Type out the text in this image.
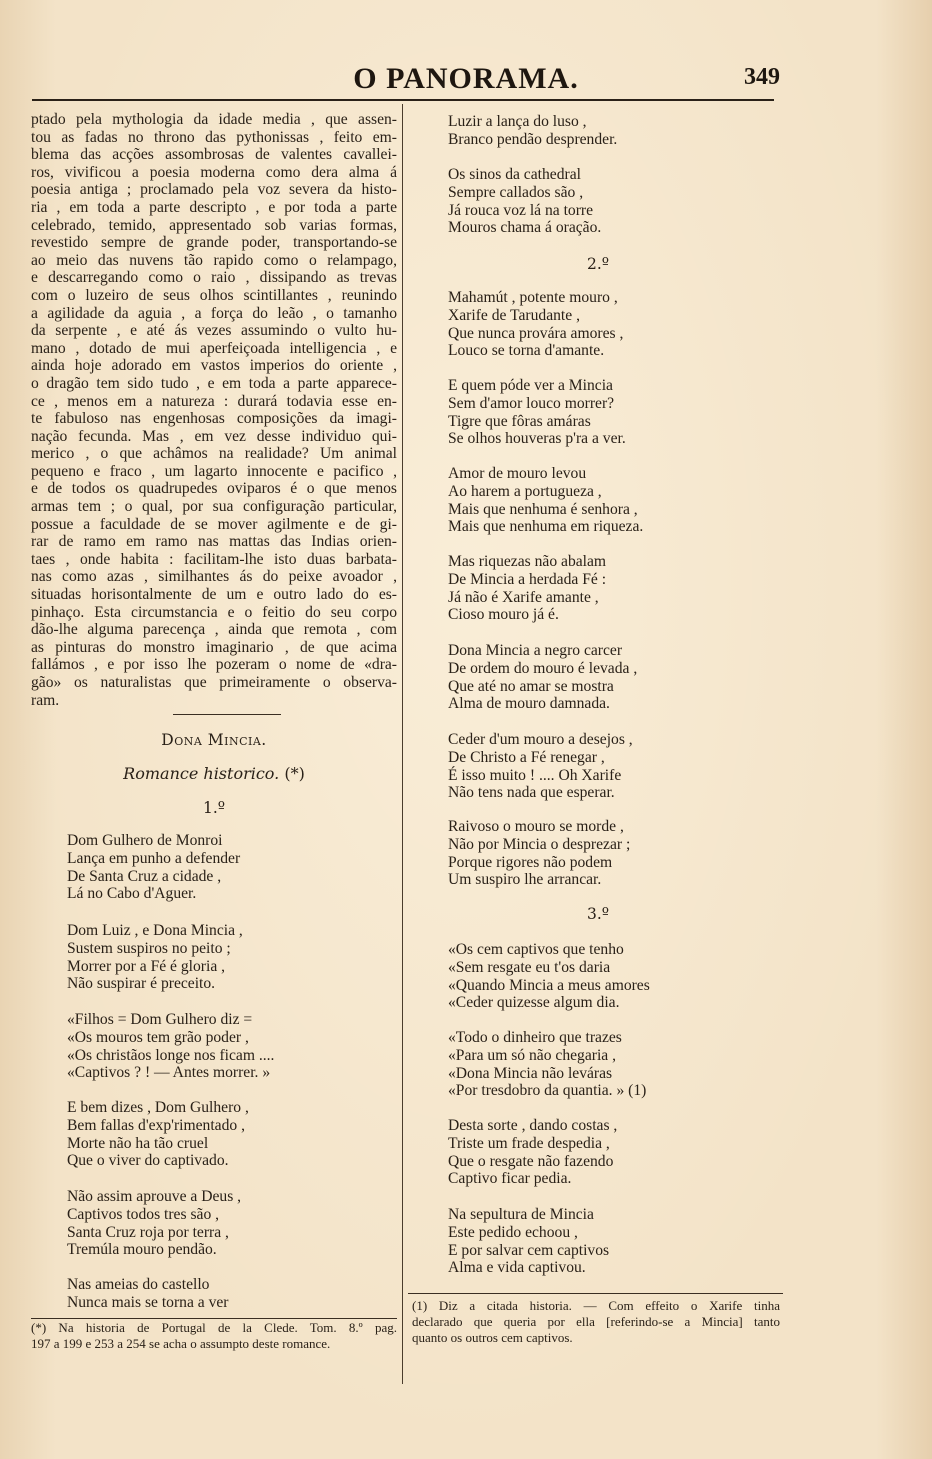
O PANORAMA.	349
ptado pela mythologia da idade media , que assen-
tou as fadas no throno das pythonissas , feito em-
blema das acções assombrosas de valentes cavallei-
ros, vivificou a poesia moderna como dera alma á
poesia antiga ; proclamado pela voz severa da histo-
ria , em toda a parte descripto , e por toda a parte
celebrado, temido, appresentado sob varias formas,
revestido sempre de grande poder, transportando-se
ao meio das nuvens tão rapido como o relampago,
e descarregando como o raio , dissipando as trevas
com o luzeiro de seus olhos scintillantes , reunindo
a agilidade da aguia , a força do leão , o tamanho
da serpente , e até ás vezes assumindo o vulto hu-
mano , dotado de mui aperfeiçoada intelligencia , e
ainda hoje adorado em vastos imperios do oriente ,
o dragão tem sido tudo , e em toda a parte apparece-
ce , menos em a natureza : durará todavia esse en-
te fabuloso nas engenhosas composições da imagi-
nação fecunda. Mas , em vez desse individuo qui-
merico , o que achâmos na realidade? Um animal
pequeno e fraco , um lagarto innocente e pacifico ,
e de todos os quadrupedes oviparos é o que menos
armas tem ; o qual, por sua configuração particular,
possue a faculdade de se mover agilmente e de gi-
rar de ramo em ramo nas mattas das Indias orien-
taes , onde habita : facilitam-lhe isto duas barbata-
nas como azas , similhantes ás do peixe avoador ,
situadas horisontalmente de um e outro lado do es-
pinhaço. Esta circumstancia e o feitio do seu corpo
dão-lhe alguma parecença , ainda que remota , com
as pinturas do monstro imaginario , de que acima
fallámos , e por isso lhe pozeram o nome de «dra-
gão» os naturalistas que primeiramente o observa-
ram.
Dona Mincia.
Romance historico. (*)
1.º
Dom Gulhero de Monroi
Lança em punho a defender
De Santa Cruz a cidade ,
Lá no Cabo d'Aguer.
Dom Luiz , e Dona Mincia ,
Sustem suspiros no peito ;
Morrer por a Fé é gloria ,
Não suspirar é preceito.
«Filhos = Dom Gulhero diz =
«Os mouros tem grão poder ,
«Os christãos longe nos ficam ....
«Captivos ? ! — Antes morrer. »
E bem dizes , Dom Gulhero ,
Bem fallas d'exp'rimentado ,
Morte não ha tão cruel
Que o viver do captivado.
Não assim aprouve a Deus ,
Captivos todos tres são ,
Santa Cruz roja por terra ,
Tremúla mouro pendão.
Nas ameias do castello
Nunca mais se torna a ver
(*) Na historia de Portugal de la Clede. Tom. 8.º pag.
197 a 199 e 253 a 254 se acha o assumpto deste romance.
Luzir a lança do luso ,
Branco pendão desprender.
Os sinos da cathedral
Sempre callados são ,
Já rouca voz lá na torre
Mouros chama á oração.
2.º
Mahamút , potente mouro ,
Xarife de Tarudante ,
Que nunca provára amores ,
Louco se torna d'amante.
E quem póde ver a Mincia
Sem d'amor louco morrer?
Tigre que fôras amáras
Se olhos houveras p'ra a ver.
Amor de mouro levou
Ao harem a portugueza ,
Mais que nenhuma é senhora ,
Mais que nenhuma em riqueza.
Mas riquezas não abalam
De Mincia a herdada Fé :
Já não é Xarife amante ,
Cioso mouro já é.
Dona Mincia a negro carcer
De ordem do mouro é levada ,
Que até no amar se mostra
Alma de mouro damnada.
Ceder d'um mouro a desejos ,
De Christo a Fé renegar ,
É isso muito ! .... Oh Xarife
Não tens nada que esperar.
Raivoso o mouro se morde ,
Não por Mincia o desprezar ;
Porque rigores não podem
Um suspiro lhe arrancar.
3.º
«Os cem captivos que tenho
«Sem resgate eu t'os daria
«Quando Mincia a meus amores
«Ceder quizesse algum dia.
«Todo o dinheiro que trazes
«Para um só não chegaria ,
«Dona Mincia não leváras
«Por tresdobro da quantia. » (1)
Desta sorte , dando costas ,
Triste um frade despedia ,
Que o resgate não fazendo
Captivo ficar pedia.
Na sepultura de Mincia
Este pedido echoou ,
E por salvar cem captivos
Alma e vida captivou.
(1) Diz a citada historia. — Com effeito o Xarife tinha
declarado que queria por ella [referindo-se a Mincia] tanto
quanto os outros cem captivos.
